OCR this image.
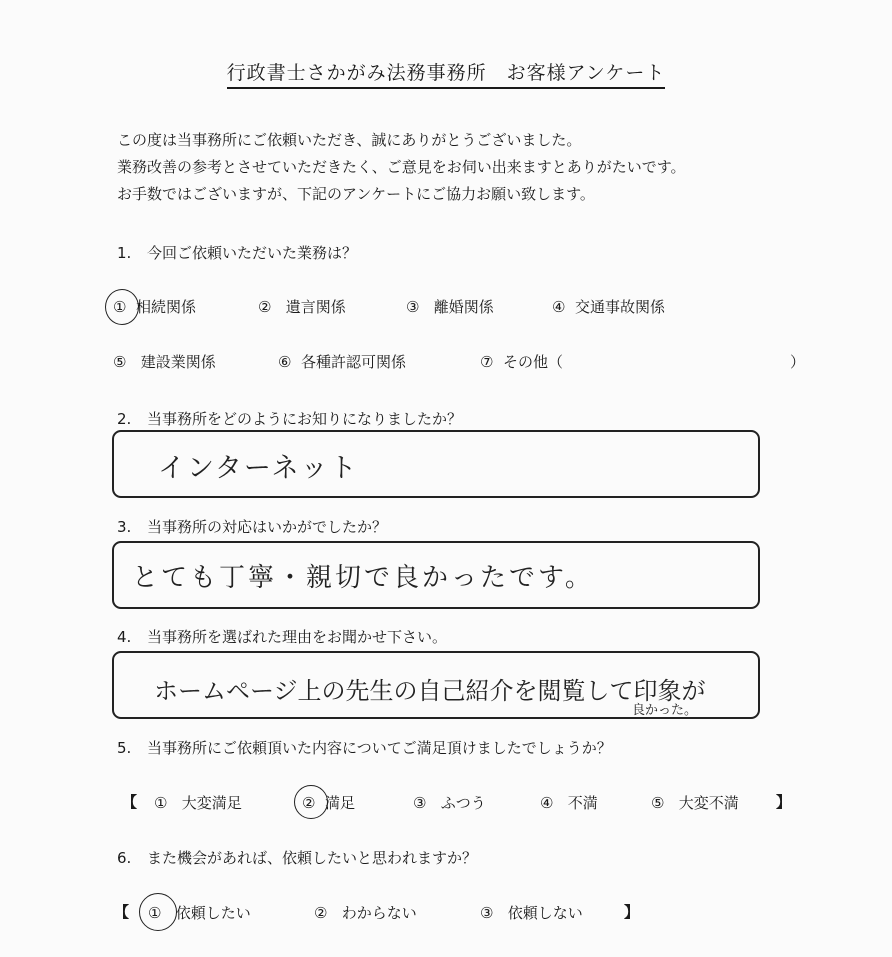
行政書士さかがみ法務事務所　お客様アンケート
この度は当事務所にご依頼いただき、誠にありがとうございました。
業務改善の参考とさせていただきたく、ご意見をお伺い出来ますとありがたいです。
お手数ではございますが、下記のアンケートにご協力お願い致します。
1. 今回ご依頼いただいた業務は？
① 相続関係	② 遺言関係	③ 離婚関係	④ 交通事故関係
⑤ 建設業関係	⑥ 各種許認可関係	⑦ その他（	）
2. 当事務所をどのようにお知りになりましたか？
インターネット
3. 当事務所の対応はいかがでしたか？
とても丁寧・親切で良かったです。
4. 当事務所を選ばれた理由をお聞かせ下さい。
ホームページ上の先生の自己紹介を閲覧して印象が
良かった。
5. 当事務所にご依頼頂いた内容についてご満足頂けましたでしょうか？
【 ① 大変満足	② 満足	③ ふつう	④ 不満	⑤ 大変不満 】
6. また機会があれば、依頼したいと思われますか？
【 ① 依頼したい	② わからない	③ 依頼しない	】
